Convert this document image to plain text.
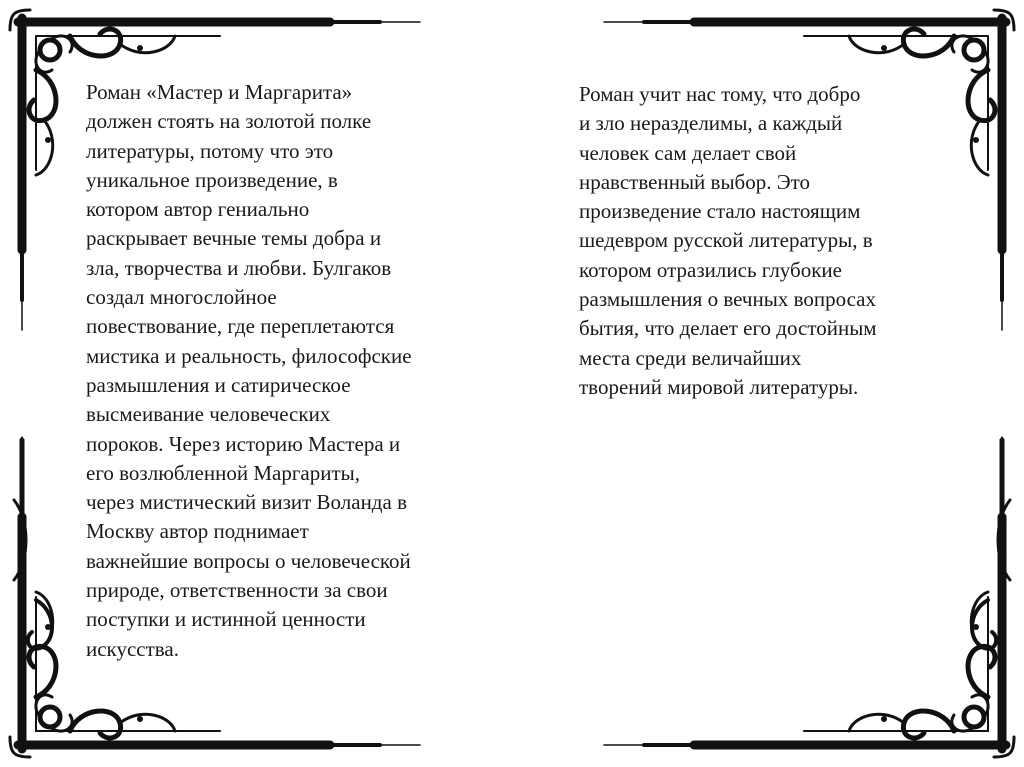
Роман «Мастер и Маргарита»
должен стоять на золотой полке
литературы, потому что это
уникальное произведение, в
котором автор гениально
раскрывает вечные темы добра и
зла, творчества и любви. Булгаков
создал многослойное
повествование, где переплетаются
мистика и реальность, философские
размышления и сатирическое
высмеивание человеческих
пороков. Через историю Мастера и
его возлюбленной Маргариты,
через мистический визит Воланда в
Москву автор поднимает
важнейшие вопросы о человеческой
природе, ответственности за свои
поступки и истинной ценности
искусства.
Роман учит нас тому, что добро
и зло неразделимы, а каждый
человек сам делает свой
нравственный выбор. Это
произведение стало настоящим
шедевром русской литературы, в
котором отразились глубокие
размышления о вечных вопросах
бытия, что делает его достойным
места среди величайших
творений мировой литературы.
